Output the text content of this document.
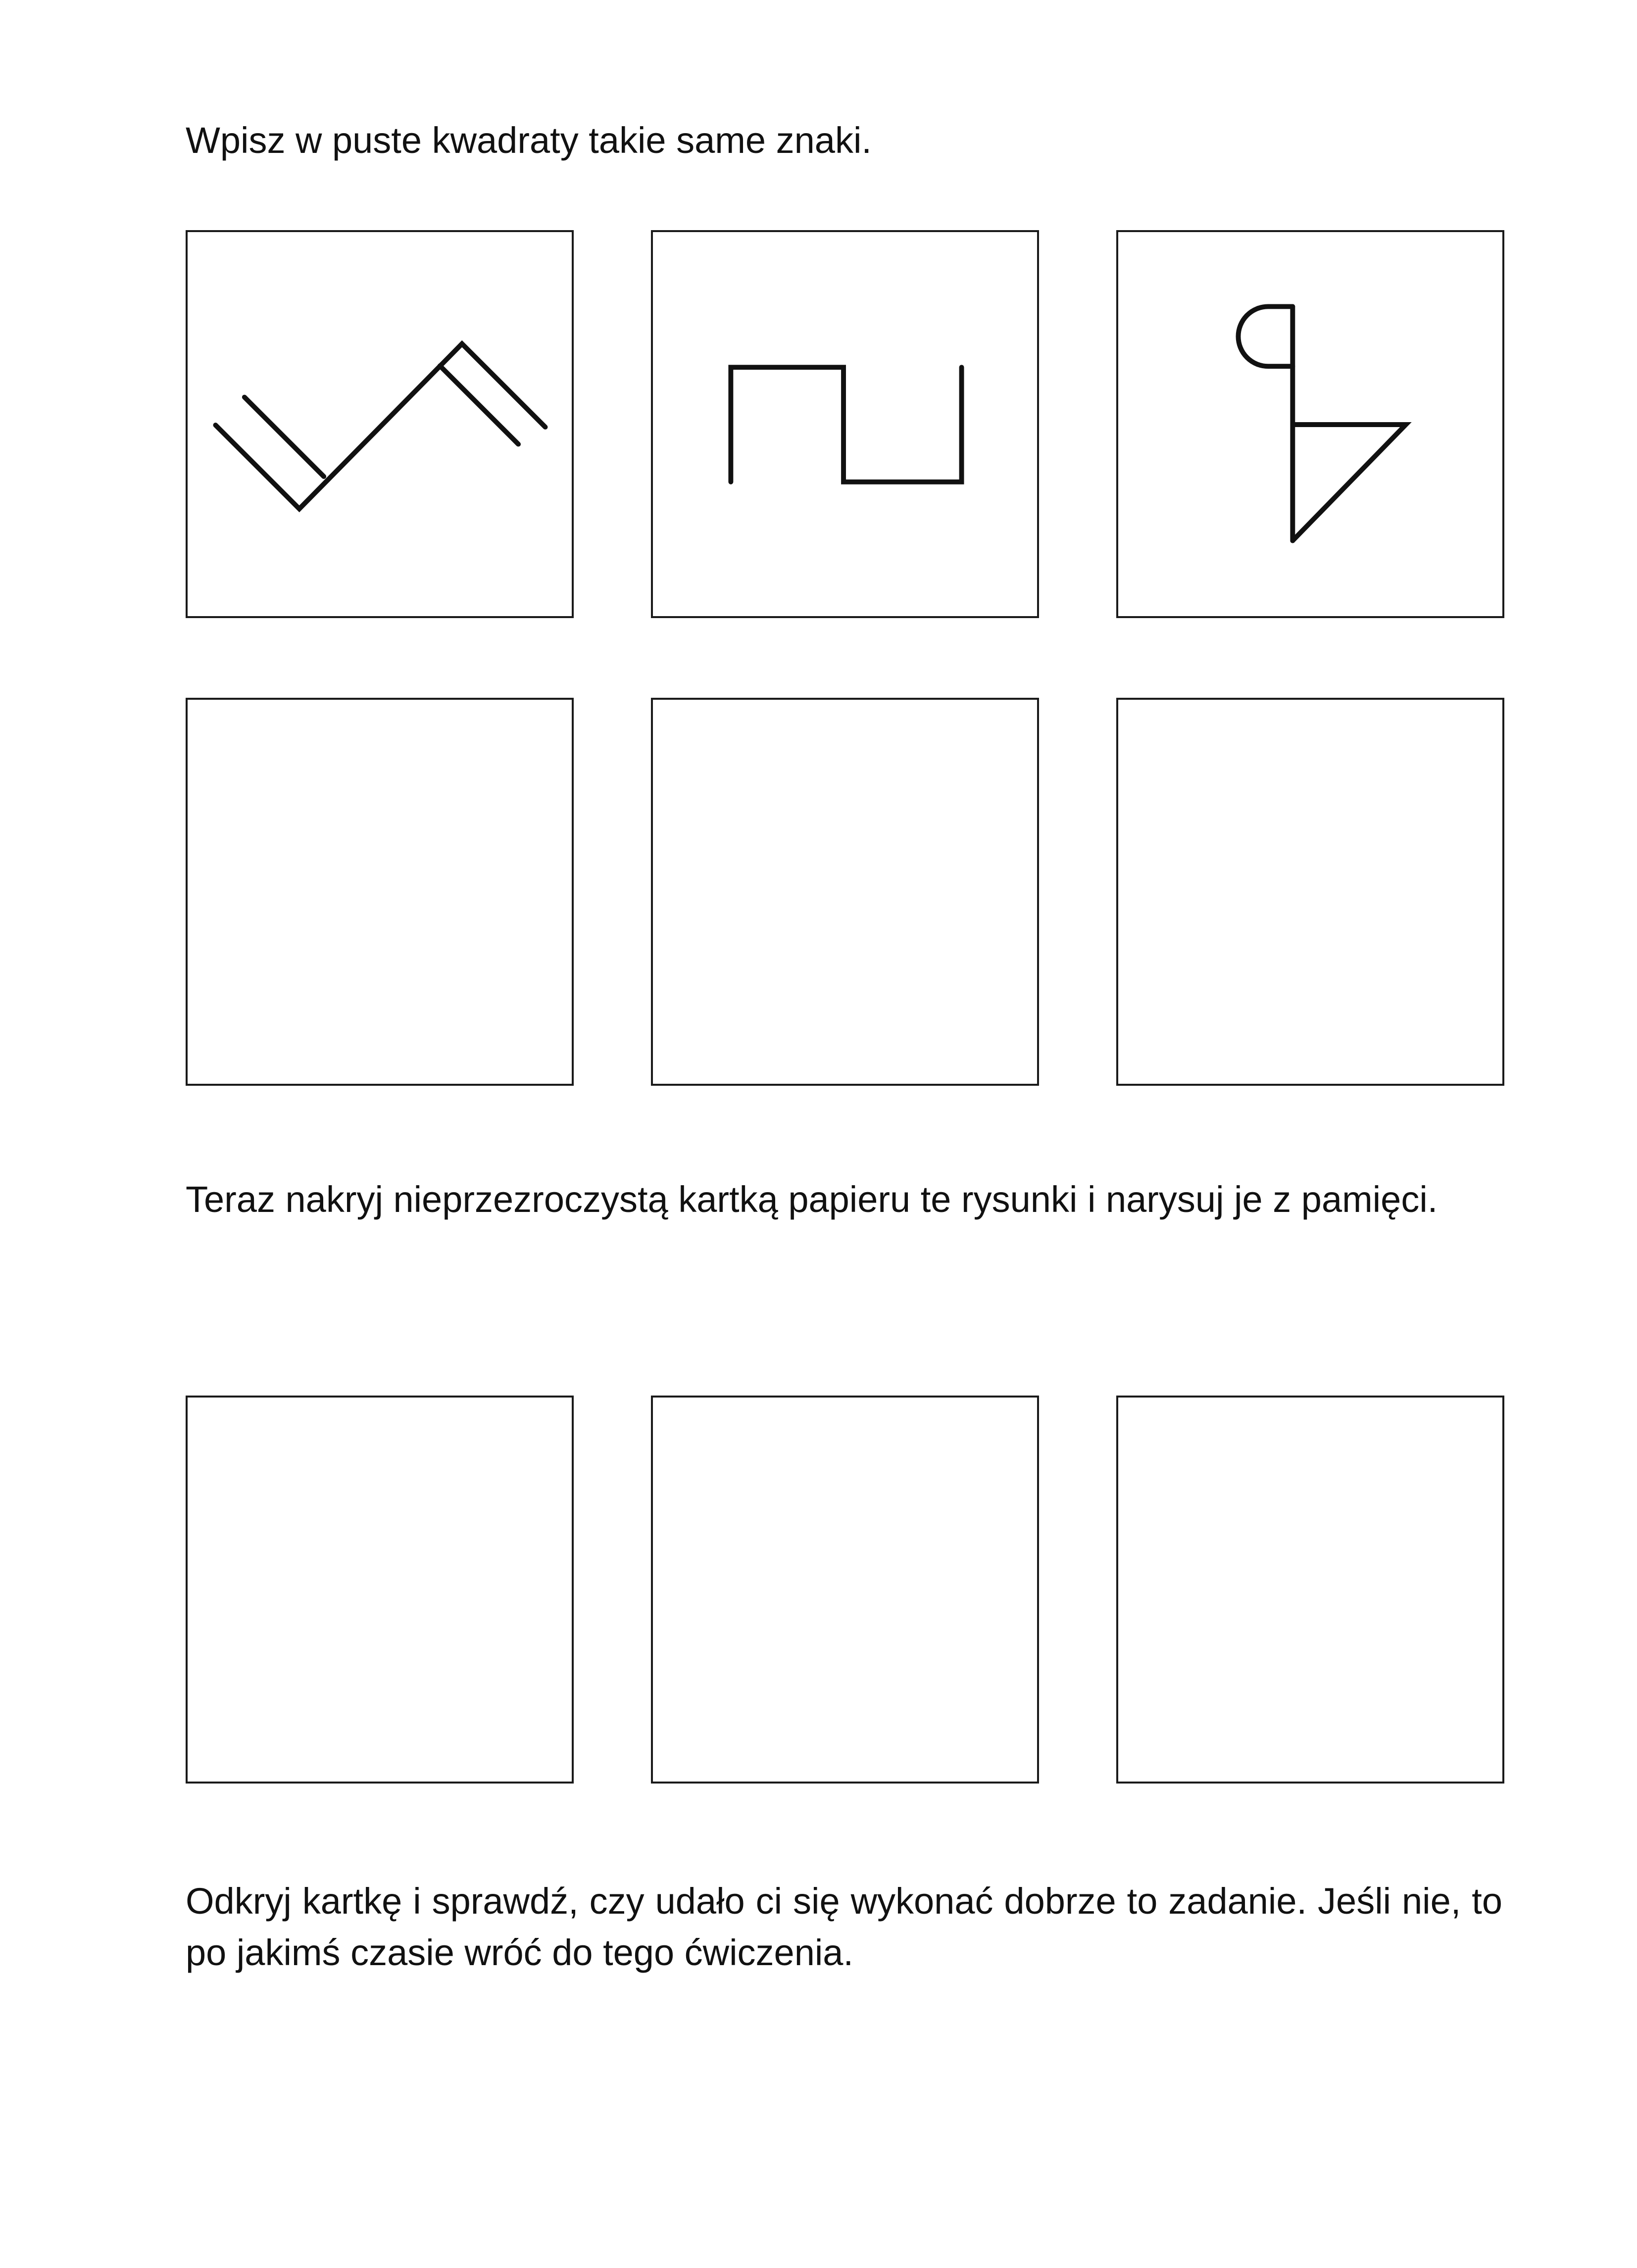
Wpisz w puste kwadraty takie same znaki.

Teraz nakryj nieprzezroczystą kartką papieru te rysunki i narysuj je z pamięci.

Odkryj kartkę i sprawdź, czy udało ci się wykonać dobrze to zadanie. Jeśli nie, to po jakimś czasie wróć do tego ćwiczenia.
